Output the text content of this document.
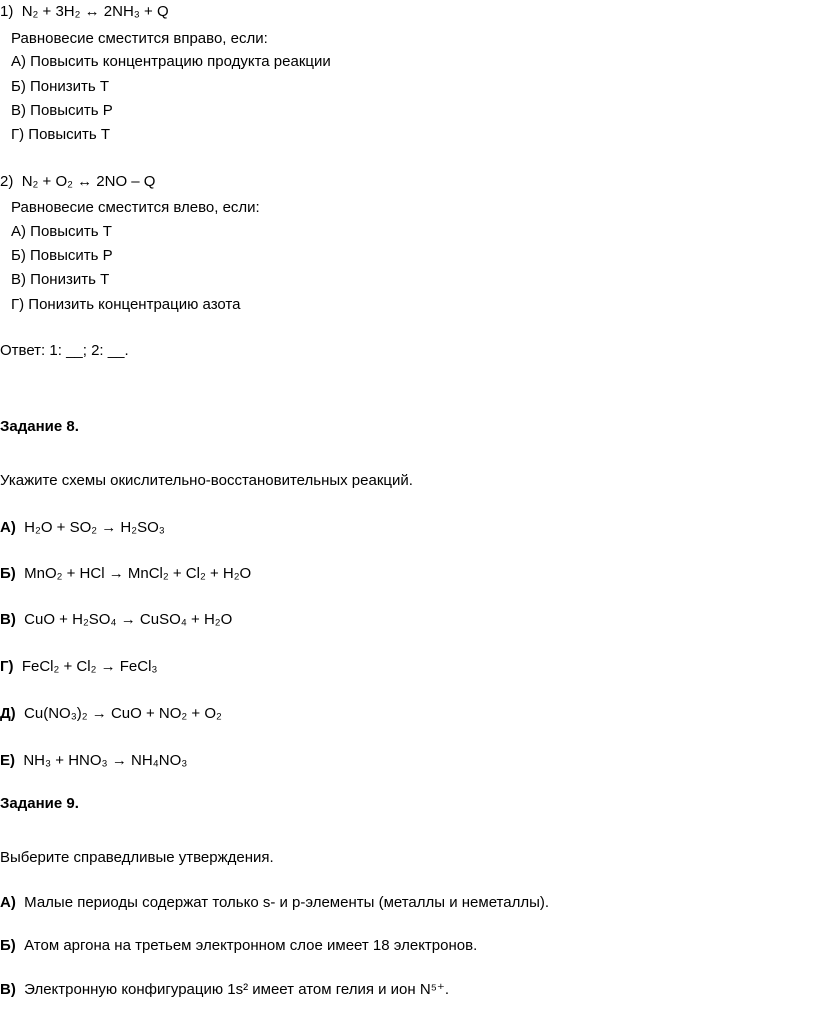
1) N₂ + 3H₂ ↔ 2NH₃ + Q
Равновесие сместится вправо, если:
А) Повысить концентрацию продукта реакции
Б) Понизить Т
В) Повысить Р
Г) Повысить Т
2) N₂ + O₂ ↔ 2NO – Q
Равновесие сместится влево, если:
А) Повысить Т
Б) Повысить Р
В) Понизить Т
Г) Понизить концентрацию азота
Ответ: 1: __; 2: __.
Задание 8.
Укажите схемы окислительно-восстановительных реакций.
А) H₂O + SO₂ → H₂SO₃
Б) MnO₂ + HCl → MnCl₂ + Cl₂ + H₂O
В) CuO + H₂SO₄ → CuSO₄ + H₂O
Г) FeCl₂ + Cl₂ → FeCl₃
Д) Cu(NO₃)₂ → CuO + NO₂ + O₂
Е) NH₃ + HNO₃ → NH₄NO₃
Задание 9.
Выберите справедливые утверждения.
А) Малые периоды содержат только s- и p-элементы (металлы и неметаллы).
Б) Атом аргона на третьем электронном слое имеет 18 электронов.
В) Электронную конфигурацию 1s² имеет атом гелия и ион N⁵⁺.
